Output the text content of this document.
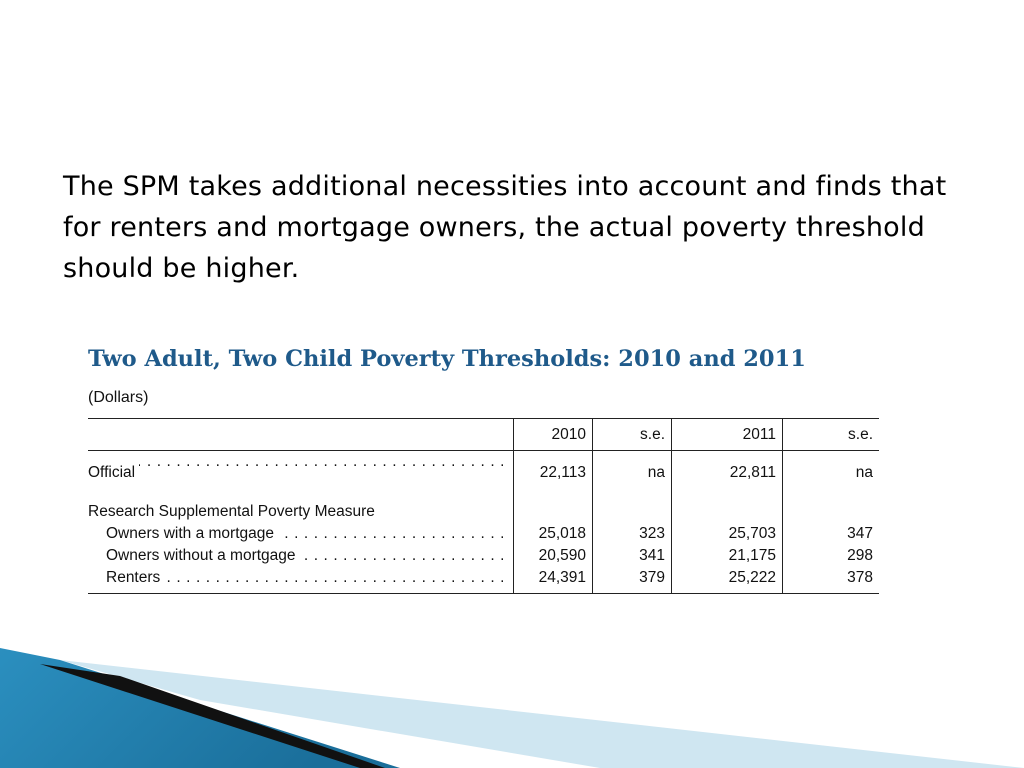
The SPM takes additional necessities into account and finds that for renters and mortgage owners, the actual poverty threshold should be higher.
Two Adult, Two Child Poverty Thresholds: 2010 and 2011
(Dollars)
	2010	s.e.	2011	s.e.
Official . . .	22,113	na	22,811	na

Research Supplemental Poverty Measure				
Owners with a mortgage . . .	25,018	323	25,703	347
Owners without a mortgage . . .	20,590	341	21,175	298
Renters . . .	24,391	379	25,222	378
